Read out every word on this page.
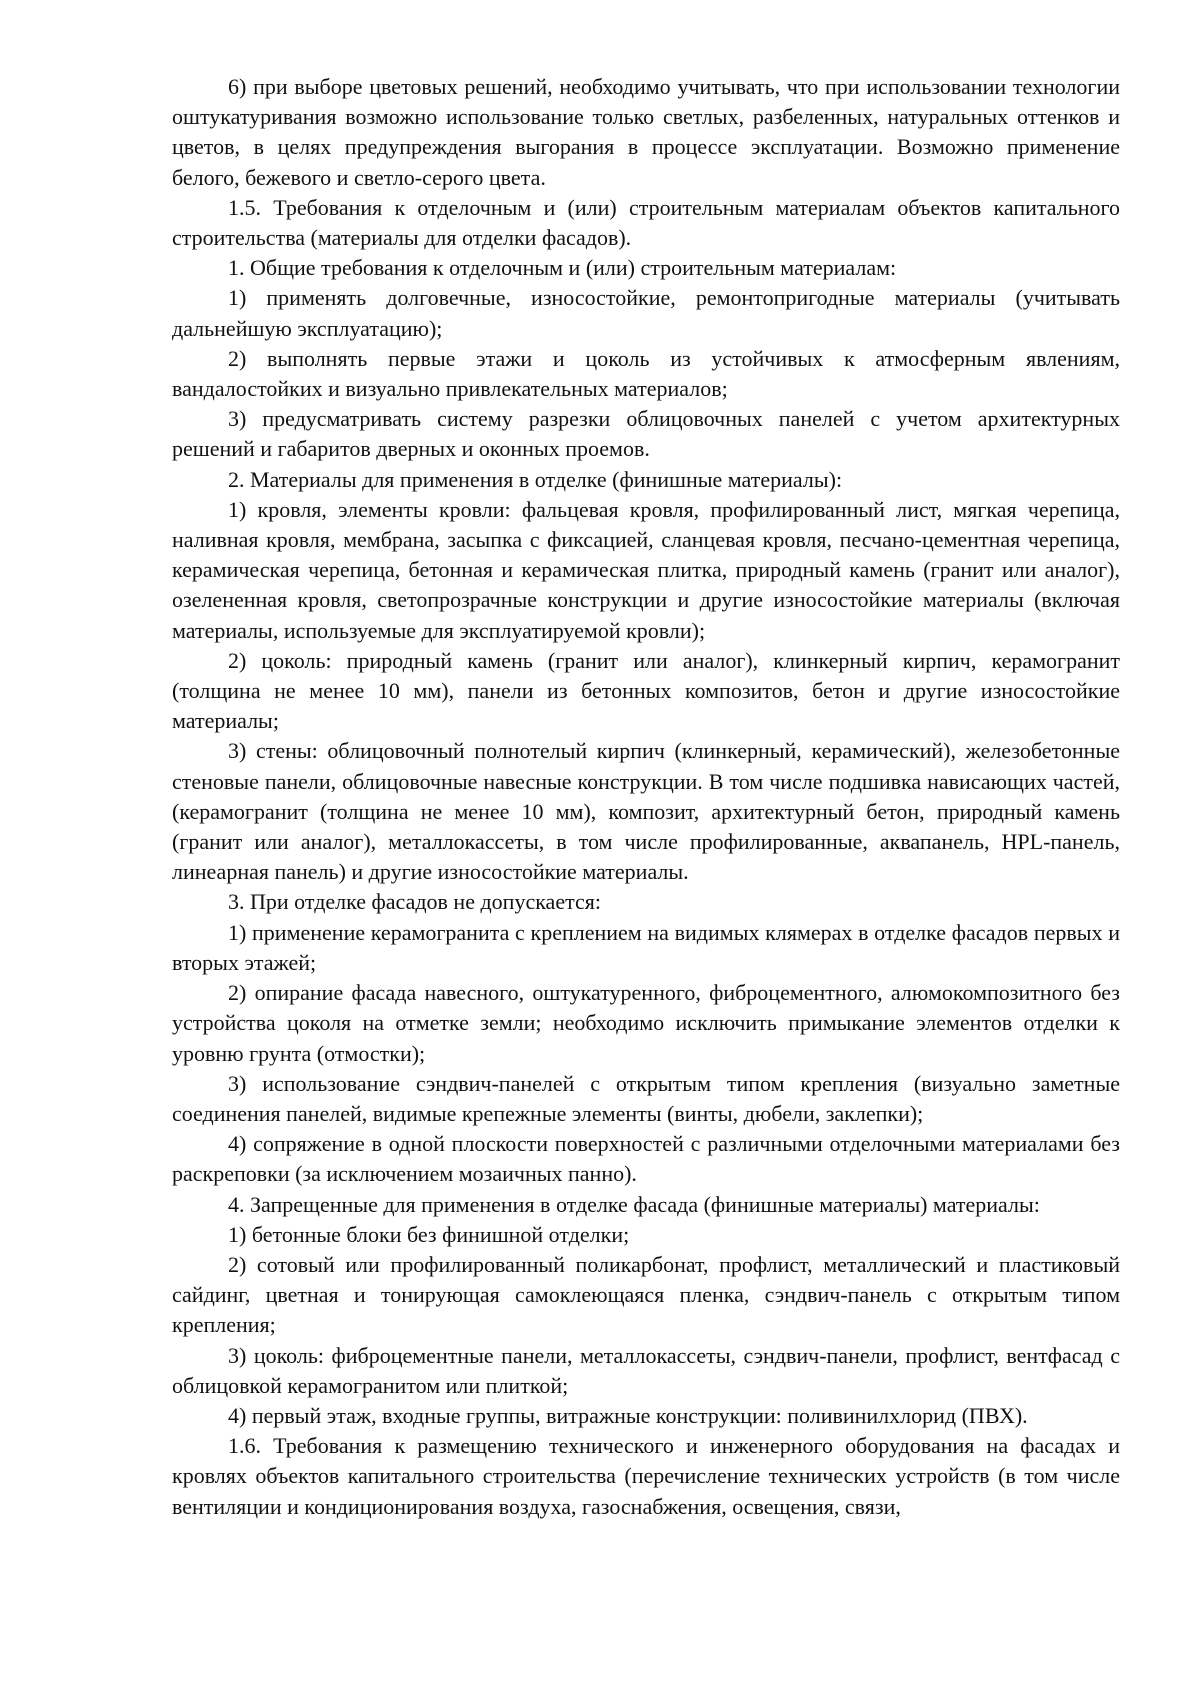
6) при выборе цветовых решений, необходимо учитывать, что при использовании технологии оштукатуривания возможно использование только светлых, разбеленных, натуральных оттенков и цветов, в целях предупреждения выгорания в процессе эксплуатации. Возможно применение белого, бежевого и светло-серого цвета.

1.5. Требования к отделочным и (или) строительным материалам объектов капитального строительства (материалы для отделки фасадов).

1. Общие требования к отделочным и (или) строительным материалам:

1) применять долговечные, износостойкие, ремонтопригодные материалы (учитывать дальнейшую эксплуатацию);

2) выполнять первые этажи и цоколь из устойчивых к атмосферным явлениям, вандалостойких и визуально привлекательных материалов;

3) предусматривать систему разрезки облицовочных панелей с учетом архитектурных решений и габаритов дверных и оконных проемов.

2. Материалы для применения в отделке (финишные материалы):

1) кровля, элементы кровли: фальцевая кровля, профилированный лист, мягкая черепица, наливная кровля, мембрана, засыпка с фиксацией, сланцевая кровля, песчано-цементная черепица, керамическая черепица, бетонная и керамическая плитка, природный камень (гранит или аналог), озелененная кровля, светопрозрачные конструкции и другие износостойкие материалы (включая материалы, используемые для эксплуатируемой кровли);

2) цоколь: природный камень (гранит или аналог), клинкерный кирпич, керамогранит (толщина не менее 10 мм), панели из бетонных композитов, бетон и другие износостойкие материалы;

3) стены: облицовочный полнотелый кирпич (клинкерный, керамический), железобетонные стеновые панели, облицовочные навесные конструкции. В том числе подшивка нависающих частей, (керамогранит (толщина не менее 10 мм), композит, архитектурный бетон, природный камень (гранит или аналог), металлокассеты, в том числе профилированные, аквапанель, HPL-панель, линеарная панель) и другие износостойкие материалы.

3. При отделке фасадов не допускается:

1) применение керамогранита с креплением на видимых клямерах в отделке фасадов первых и вторых этажей;

2) опирание фасада навесного, оштукатуренного, фиброцементного, алюмокомпозитного без устройства цоколя на отметке земли; необходимо исключить примыкание элементов отделки к уровню грунта (отмостки);

3) использование сэндвич-панелей с открытым типом крепления (визуально заметные соединения панелей, видимые крепежные элементы (винты, дюбели, заклепки);

4) сопряжение в одной плоскости поверхностей с различными отделочными материалами без раскреповки (за исключением мозаичных панно).

4. Запрещенные для применения в отделке фасада (финишные материалы) материалы:

1) бетонные блоки без финишной отделки;

2) сотовый или профилированный поликарбонат, профлист, металлический и пластиковый сайдинг, цветная и тонирующая самоклеющаяся пленка, сэндвич-панель с открытым типом крепления;

3) цоколь: фиброцементные панели, металлокассеты, сэндвич-панели, профлист, вентфасад с облицовкой керамогранитом или плиткой;

4) первый этаж, входные группы, витражные конструкции: поливинилхлорид (ПВХ).

1.6. Требования к размещению технического и инженерного оборудования на фасадах и кровлях объектов капитального строительства (перечисление технических устройств (в том числе вентиляции и кондиционирования воздуха, газоснабжения, освещения, связи,
